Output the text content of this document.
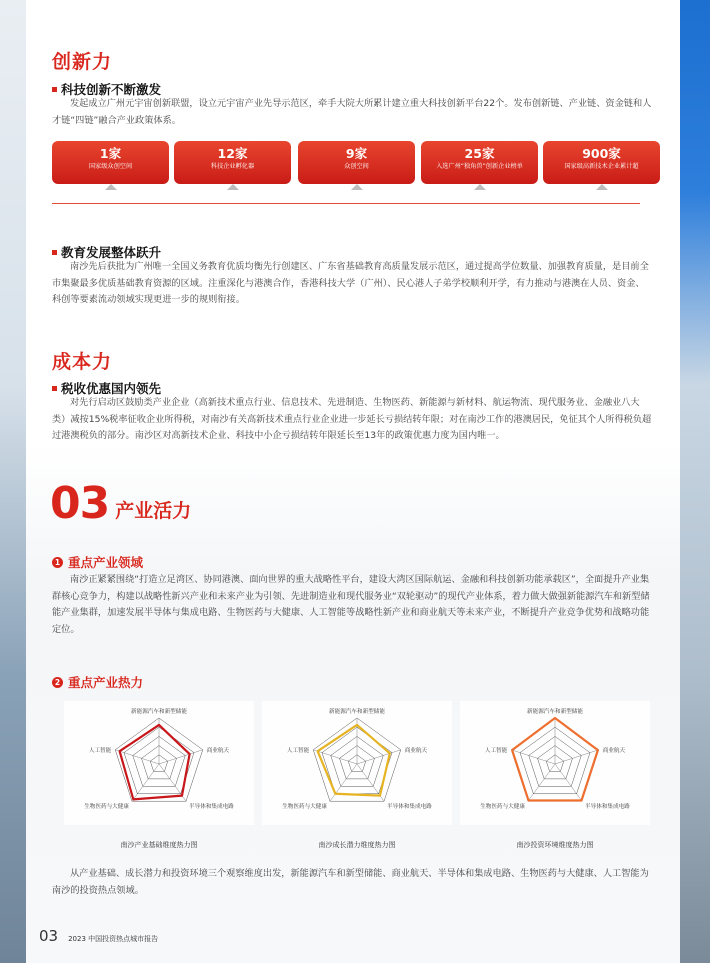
创新力
科技创新不断激发
发起成立广州元宇宙创新联盟，设立元宇宙产业先导示范区，牵手大院大所累计建立重大科技创新平台22个。发布创新链、产业链、资金链和人才链“四链”融合产业政策体系。
1家
国家级众创空间
12家
科技企业孵化器
9家
众创空间
25家
入选广州“独角兽”创新企业榜单
900家
国家级高新技术企业累计超
教育发展整体跃升
南沙先后获批为广州唯一全国义务教育优质均衡先行创建区、广东省基础教育高质量发展示范区，通过提高学位数量、加强教育质量，是目前全市集聚最多优质基础教育资源的区域。注重深化与港澳合作，香港科技大学（广州）、民心港人子弟学校顺利开学，有力推动与港澳在人员、资金、科创等要素流动领域实现更进一步的规则衔接。
成本力
税收优惠国内领先
对先行启动区鼓励类产业企业（高新技术重点行业、信息技术、先进制造、生物医药、新能源与新材料、航运物流、现代服务业、金融业八大类）减按15%税率征收企业所得税，对南沙有关高新技术重点行业企业进一步延长亏损结转年限；对在南沙工作的港澳居民，免征其个人所得税负超过港澳税负的部分。南沙区对高新技术企业、科技中小企亏损结转年限延长至13年的政策优惠力度为国内唯一。
03 产业活力
1 重点产业领域
南沙正紧紧围绕“打造立足湾区、协同港澳、面向世界的重大战略性平台，建设大湾区国际航运、金融和科技创新功能承载区”，全面提升产业集群核心竞争力，构建以战略性新兴产业和未来产业为引领、先进制造业和现代服务业“双轮驱动”的现代产业体系，着力做大做强新能源汽车和新型储能产业集群，加速发展半导体与集成电路、生物医药与大健康、人工智能等战略性新产业和商业航天等未来产业，不断提升产业竞争优势和战略功能定位。
2 重点产业热力
新能源汽车和新型储能
商业航天
半导体和集成电路
生物医药与大健康
人工智能
南沙产业基础维度热力图
新能源汽车和新型储能
商业航天
半导体和集成电路
生物医药与大健康
人工智能
南沙成长潜力维度热力图
新能源汽车和新型储能
商业航天
半导体和集成电路
生物医药与大健康
人工智能
南沙投资环境维度热力图
从产业基础、成长潜力和投资环境三个观察维度出发，新能源汽车和新型储能、商业航天、半导体和集成电路、生物医药与大健康、人工智能为南沙的投资热点领域。
03 2023 中国投资热点城市报告
